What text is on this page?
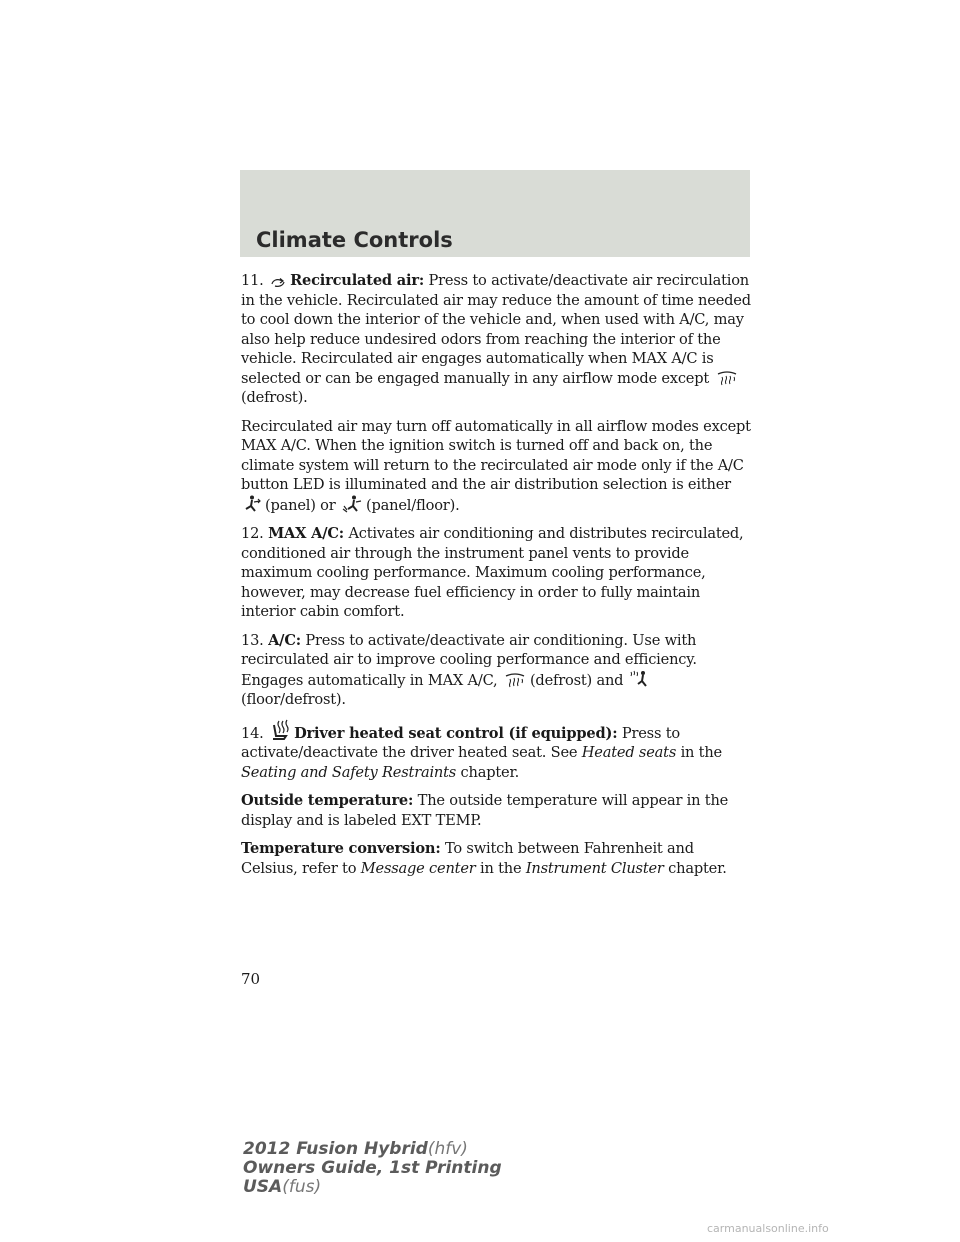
Climate Controls

11. Recirculated air: Press to activate/deactivate air recirculation in the vehicle. Recirculated air may reduce the amount of time needed to cool down the interior of the vehicle and, when used with A/C, may also help reduce undesired odors from reaching the interior of the vehicle. Recirculated air engages automatically when MAX A/C is selected or can be engaged manually in any airflow mode except
(defrost).

Recirculated air may turn off automatically in all airflow modes except MAX A/C. When the ignition switch is turned off and back on, the climate system will return to the recirculated air mode only if the A/C button LED is illuminated and the air distribution selection is either
(panel) or (panel/floor).

12. MAX A/C: Activates air conditioning and distributes recirculated, conditioned air through the instrument panel vents to provide maximum cooling performance. Maximum cooling performance, however, may decrease fuel efficiency in order to fully maintain interior cabin comfort.

13. A/C: Press to activate/deactivate air conditioning. Use with recirculated air to improve cooling performance and efficiency. Engages automatically in MAX A/C, (defrost) and
(floor/defrost).

14. Driver heated seat control (if equipped): Press to activate/deactivate the driver heated seat. See Heated seats in the Seating and Safety Restraints chapter.

Outside temperature: The outside temperature will appear in the display and is labeled EXT TEMP.

Temperature conversion: To switch between Fahrenheit and Celsius, refer to Message center in the Instrument Cluster chapter.

70
2012 Fusion Hybrid(hfv)
Owners Guide, 1st Printing
USA(fus)
carmanualsonline.info
